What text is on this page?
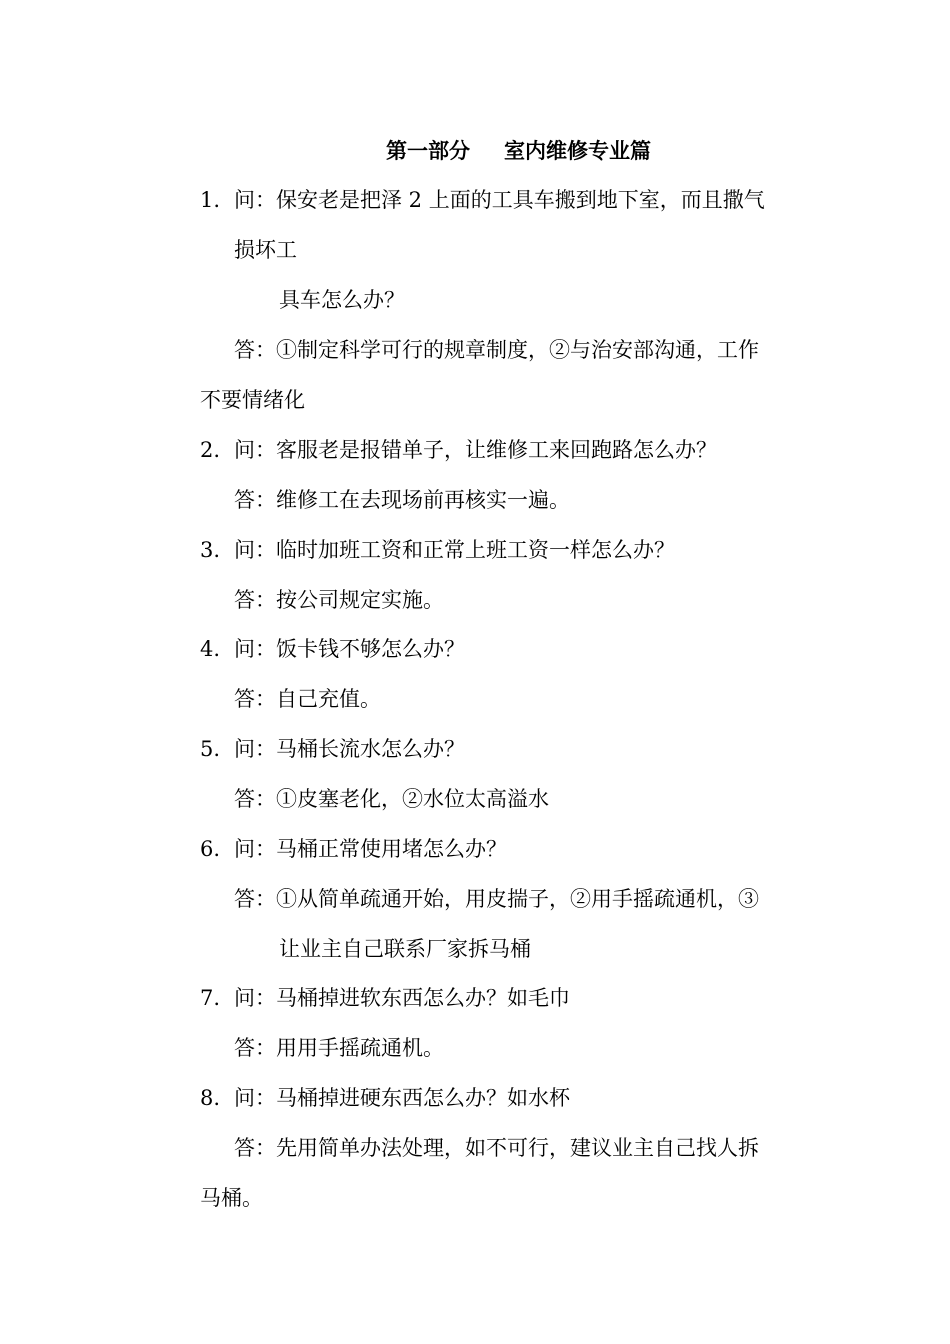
第一部分 室内维修专业篇
1. 问：保安老是把泽 2 上面的工具车搬到地下室，而且撒气
损坏工
具车怎么办？
答：①制定科学可行的规章制度，②与治安部沟通，工作
不要情绪化
2. 问：客服老是报错单子，让维修工来回跑路怎么办？
答：维修工在去现场前再核实一遍。
3. 问：临时加班工资和正常上班工资一样怎么办？
答：按公司规定实施。
4. 问：饭卡钱不够怎么办？
答：自己充值。
5. 问：马桶长流水怎么办？
答：①皮塞老化，②水位太高溢水
6. 问：马桶正常使用堵怎么办？
答：①从简单疏通开始，用皮揣子，②用手摇疏通机，③
让业主自己联系厂家拆马桶
7. 问：马桶掉进软东西怎么办？如毛巾
答：用用手摇疏通机。
8. 问：马桶掉进硬东西怎么办？如水杯
答：先用简单办法处理，如不可行，建议业主自己找人拆
马桶。
